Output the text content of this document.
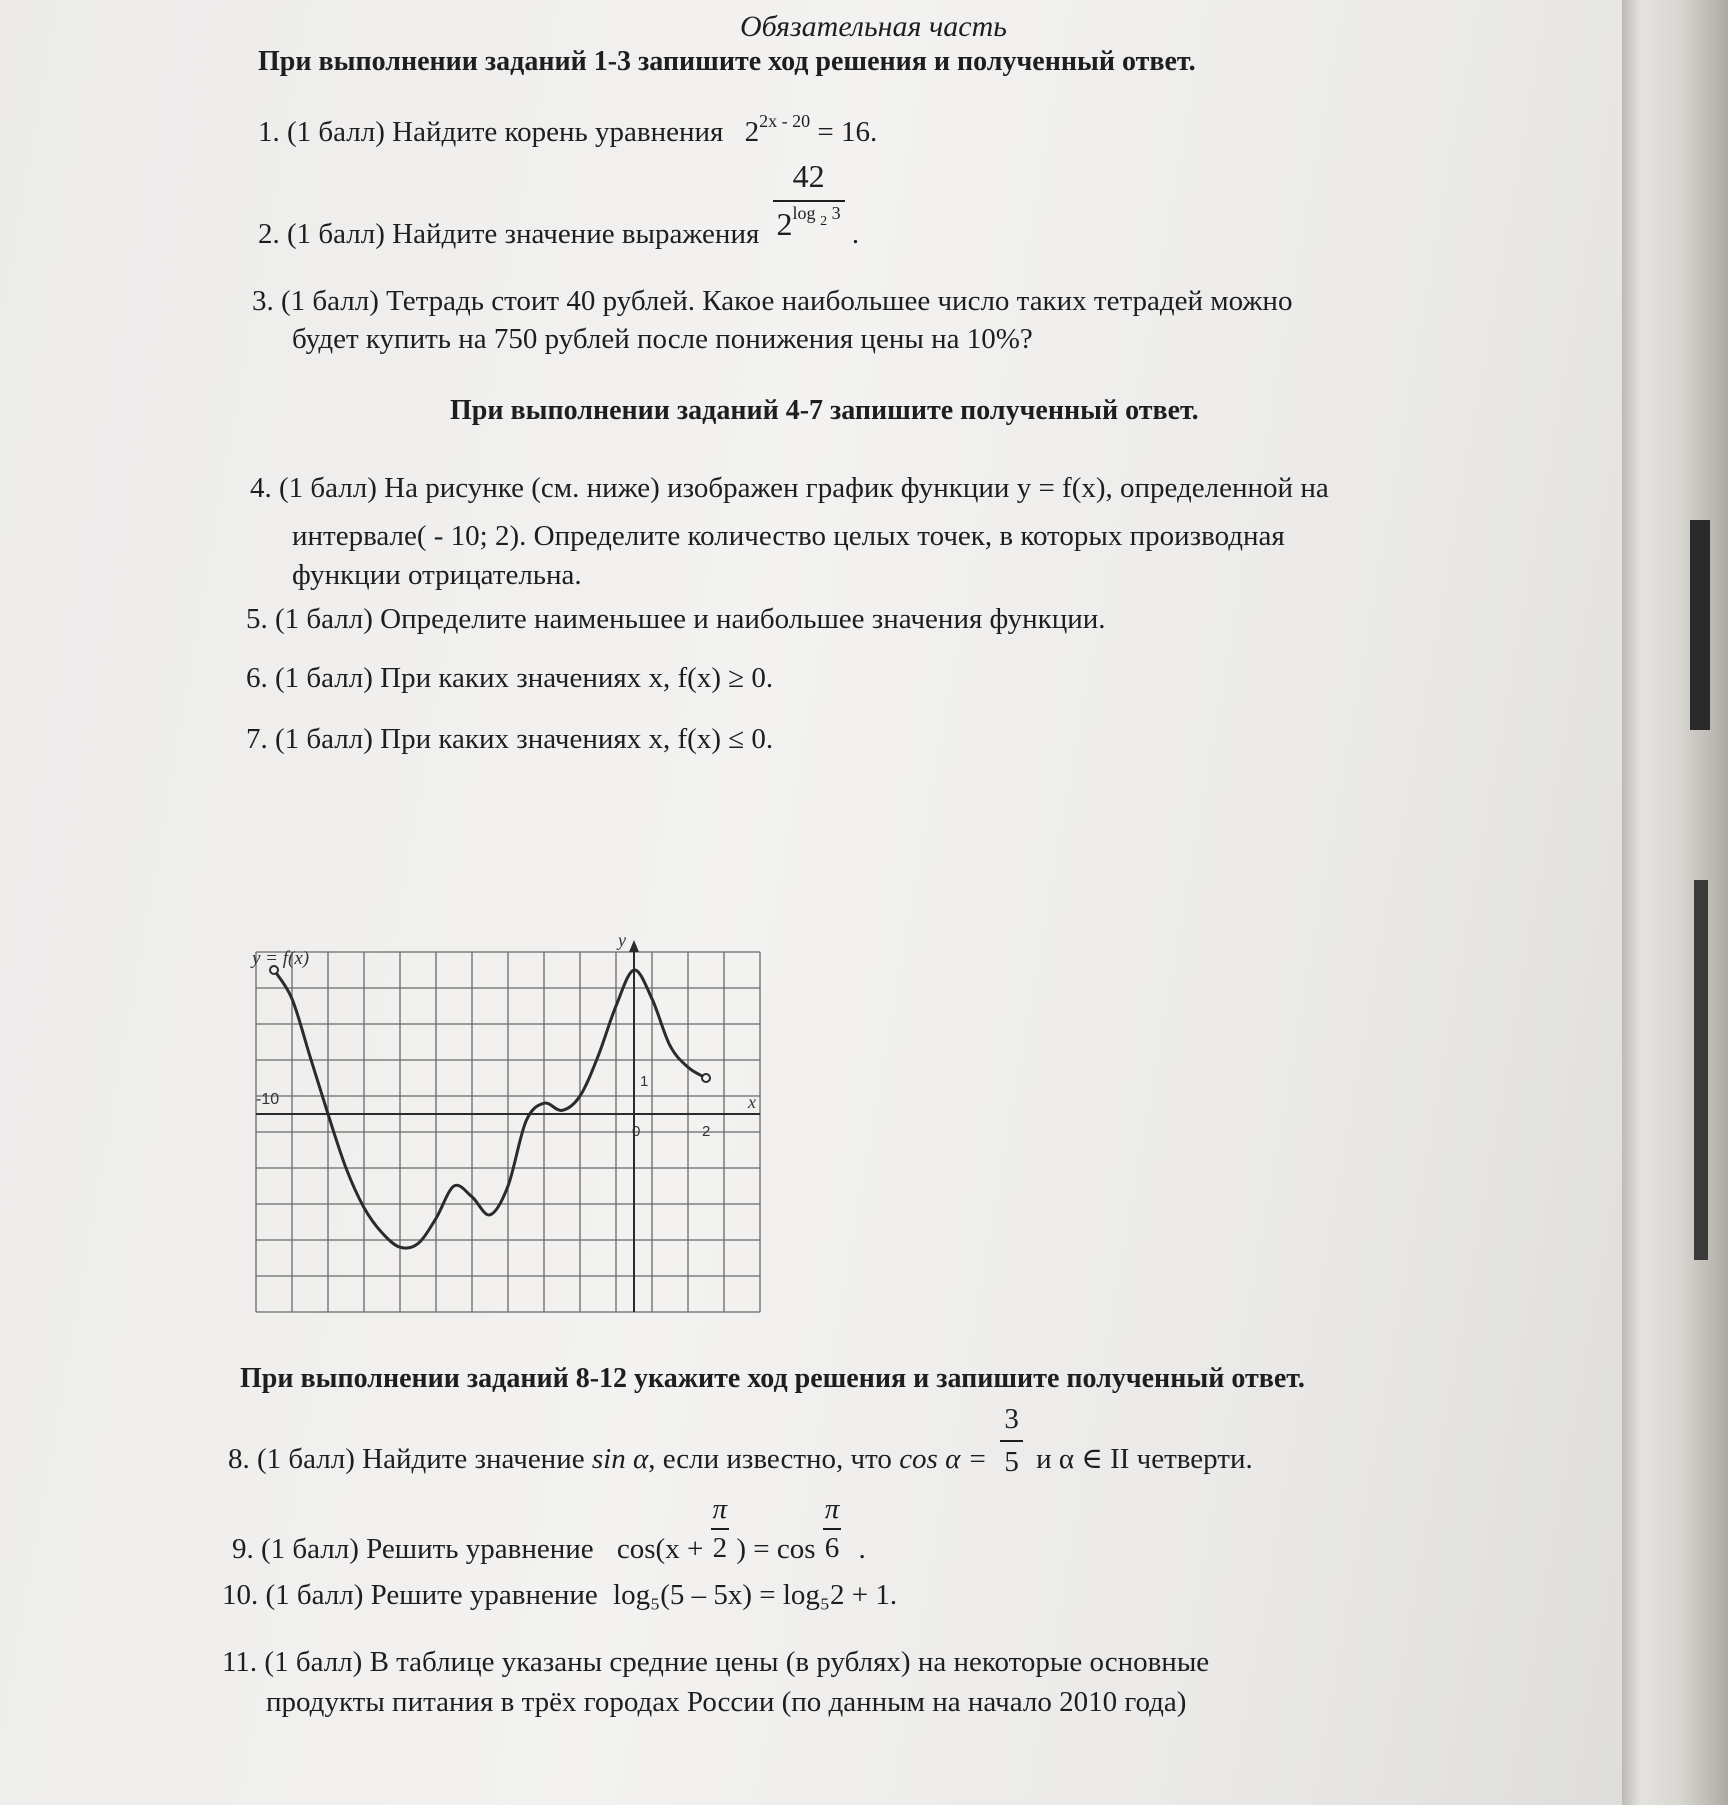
Обязательная часть
При выполнении заданий 1-3 запишите ход решения и полученный ответ.
1. (1 балл) Найдите корень уравнения $2^{2x - 20} = 16$.
2. (1 балл) Найдите значение выражения $\frac{42}{2^{log _2 3}}$ .
3. (1 балл) Тетрадь стоит 40 рублей. Какое наибольшее число таких тетрадей можно
будет купить на 750 рублей после понижения цены на 10%?
При выполнении заданий 4-7 запишите полученный ответ.
4. (1 балл) На рисунке (см. ниже) изображен график функции y = f(x), определенной на
интервале( - 10; 2). Определите количество целых точек, в которых производная
функции отрицательна.
5. (1 балл) Определите наименьшее и наибольшее значения функции.
6. (1 балл) При каких значениях x, f(x) ≥ 0.
7. (1 балл) При каких значениях x, f(x) ≤ 0.
y = f(x)
y
x
-10
0	2
1
При выполнении заданий 8-12 укажите ход решения и запишите полученный ответ.
8. (1 балл) Найдите значение sin α, если известно, что $\cos \alpha = \frac{3}{5}$ и α ∈ II четверти.
9. (1 балл) Решить уравнение $\cos(x + \frac{\pi}{2}$ ) = $\cos \frac{\pi}{6}$ .
10. (1 балл) Решите уравнение log₅(5 – 5x) = log₅2 + 1.
11. (1 балл) В таблице указаны средние цены (в рублях) на некоторые основные
продукты питания в трёх городах России (по данным на начало 2010 года)
